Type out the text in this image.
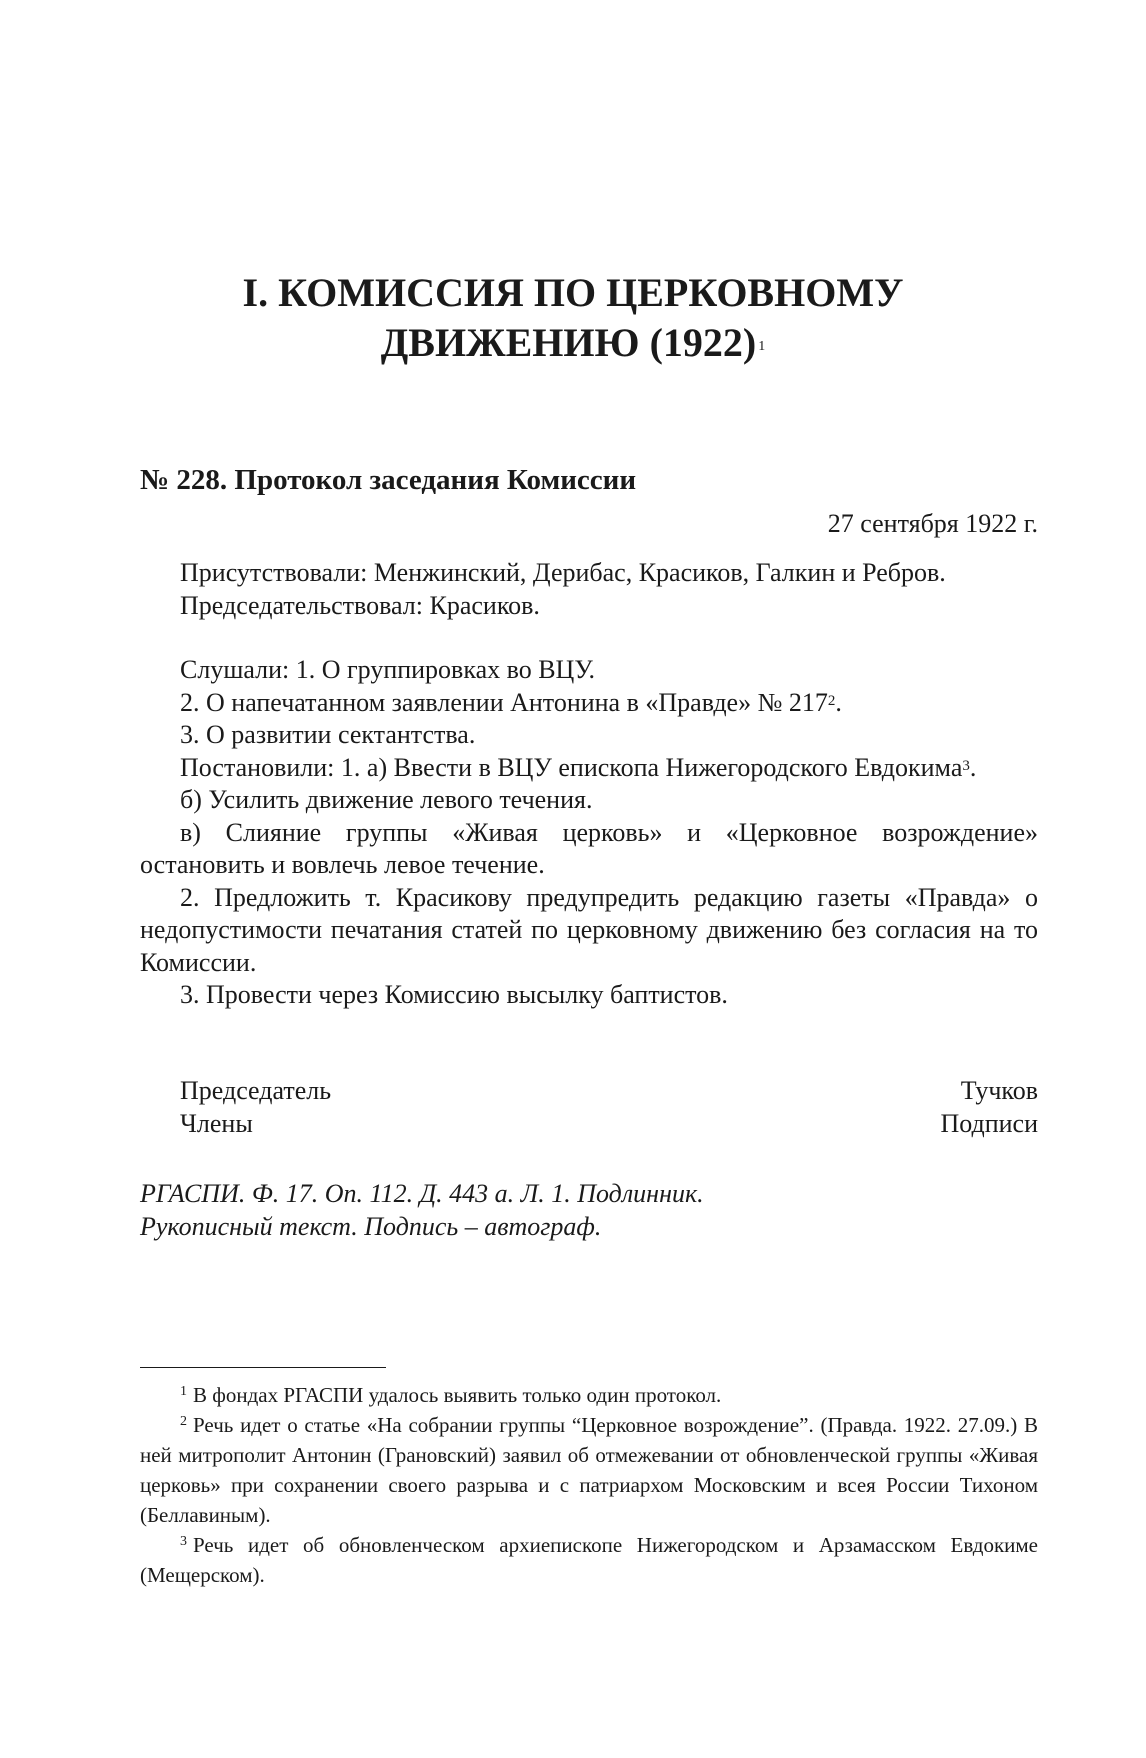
I. КОМИССИЯ ПО ЦЕРКОВНОМУ
ДВИЖЕНИЮ (1922) $^1$
№ 228. Протокол заседания Комиссии
27 сентября 1922 г.

Присутствовали: Менжинский, Дерибас, Красиков, Галкин и Ребров.

Председательствовал: Красиков.

Слушали: 1. О группировках во ВЦУ.

2. О напечатанном заявлении Антонина в «Правде» № $217^2$.

3. О развитии сектантства.

Постановили: 1. а) Ввести в ВЦУ епископа Нижегородского Евдокима$^3$.

б) Усилить движение левого течения.

в) Слияние группы «Живая церковь» и «Церковное возрождение» остановить и вовлечь левое течение.

2. Предложить т. Красикову предупредить редакцию газеты «Правда» о недопустимости печатания статей по церковному движению без согласия на то Комиссии.

3. Провести через Комиссию высылку баптистов.

Председатель	Тучков
Члены	Подписи
РГАСПИ. Ф. 17. Оп. 112. Д. 443 а. Л. 1. Подлинник.
Рукописный текст. Подпись – автограф.

$^1$ В фондах РГАСПИ удалось выявить только один протокол.

$^2$ Речь идет о статье «На собрании группы “Церковное возрождение”. (Правда. 1922. 27.09.) В ней митрополит Антонин (Грановский) заявил об отмежевании от обновленческой группы «Живая церковь» при сохранении своего разрыва и с патриархом Московским и всея России Тихоном (Беллавиным).

$^3$ Речь идет об обновленческом архиепископе Нижегородском и Арзамасском Евдокиме (Мещерском).
